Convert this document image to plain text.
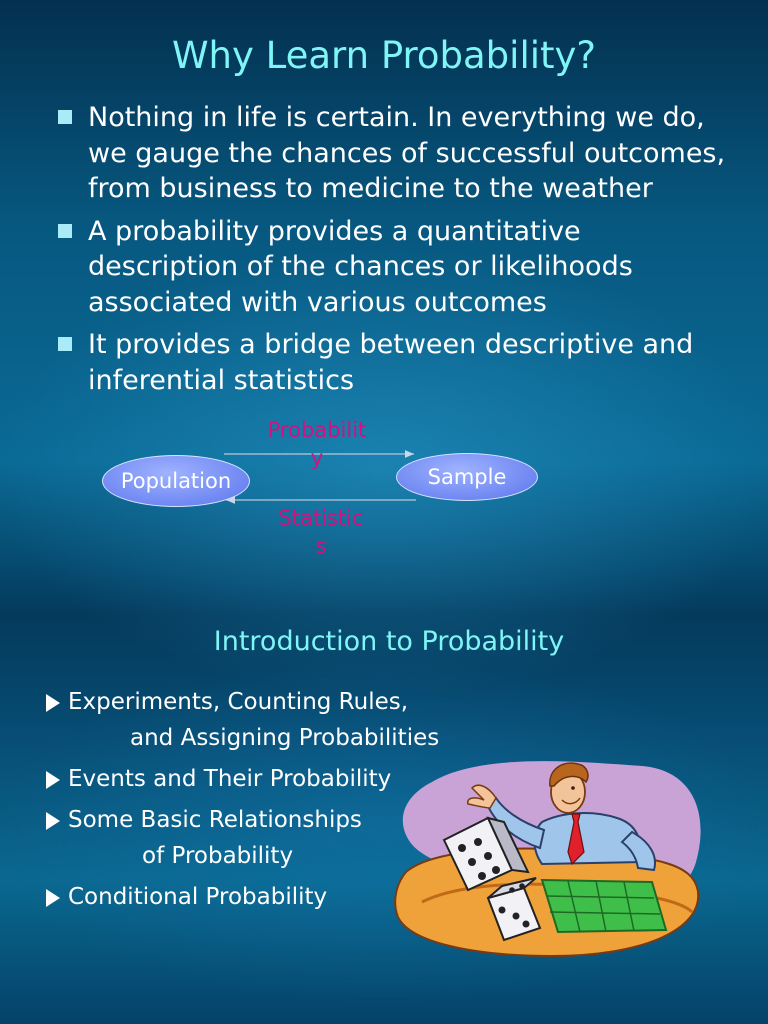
Why Learn Probability?
Nothing in life is certain. In everything we do, we gauge the chances of successful outcomes, from business to medicine to the weather
A probability provides a quantitative description of the chances or likelihoods associated with various outcomes
It provides a bridge between descriptive and inferential statistics
Population	Sample
Probabilit
y
Statistic
s
Introduction to Probability
Experiments, Counting Rules,
and Assigning Probabilities
Events and Their Probability
Some Basic Relationships
of Probability
Conditional Probability
